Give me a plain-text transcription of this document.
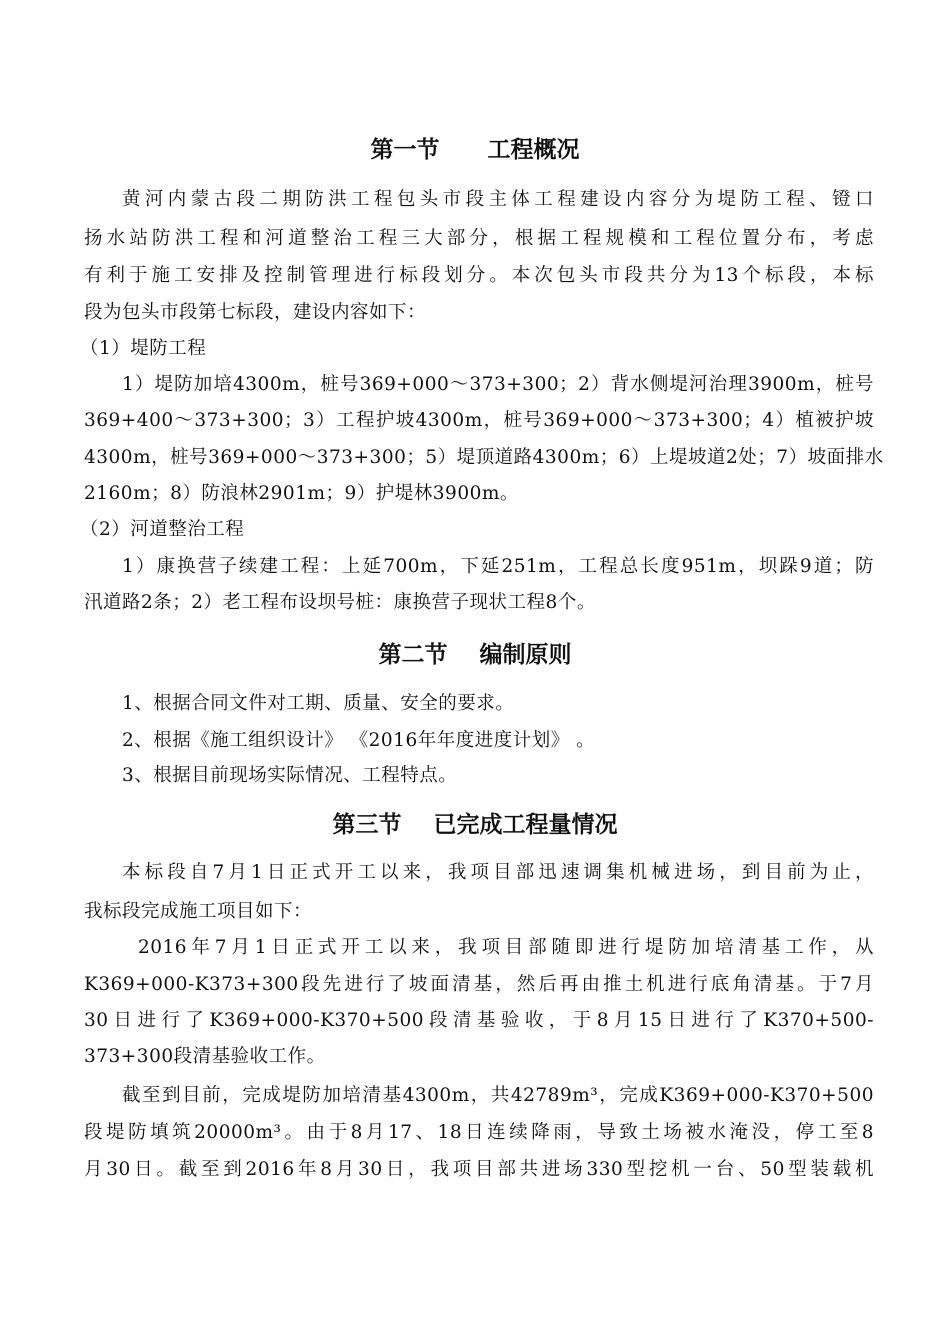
第一节      工程概况
黄河内蒙古段二期防洪工程包头市段主体工程建设内容分为堤防工程、镫口
扬水站防洪工程和河道整治工程三大部分，根据工程规模和工程位置分布，考虑
有利于施工安排及控制管理进行标段划分。本次包头市段共分为13个标段，本标
段为包头市段第七标段，建设内容如下：
（1）堤防工程
1）堤防加培4300m，桩号369+000～373+300；2）背水侧堤河治理3900m，桩号
369+400～373+300；3）工程护坡4300m，桩号369+000～373+300；4）植被护坡
4300m，桩号369+000～373+300；5）堤顶道路4300m；6）上堤坡道2处；7）坡面排水
2160m；8）防浪林2901m；9）护堤林3900m。
（2）河道整治工程
1）康换营子续建工程：上延700m，下延251m，工程总长度951m，坝跺9道；防
汛道路2条；2）老工程布设坝号桩：康换营子现状工程8个。
第二节    编制原则
1、根据合同文件对工期、质量、安全的要求。
2、根据《施工组织设计》 《2016年年度进度计划》 。
3、根据目前现场实际情况、工程特点。
第三节    已完成工程量情况
本标段自7月1日正式开工以来，我项目部迅速调集机械进场，到目前为止，
我标段完成施工项目如下：
2016年7月1日正式开工以来，我项目部随即进行堤防加培清基工作，从
K369+000-K373+300段先进行了坡面清基，然后再由推土机进行底角清基。于7月
30日进行了K369+000-K370+500段清基验收，于8月15日进行了K370+500-
373+300段清基验收工作。
截至到目前，完成堤防加培清基4300m，共42789m³，完成K369+000-K370+500
段堤防填筑20000m³。由于8月17、18日连续降雨，导致土场被水淹没，停工至8
月30日。截至到2016年8月30日，我项目部共进场330型挖机一台、50型装载机
